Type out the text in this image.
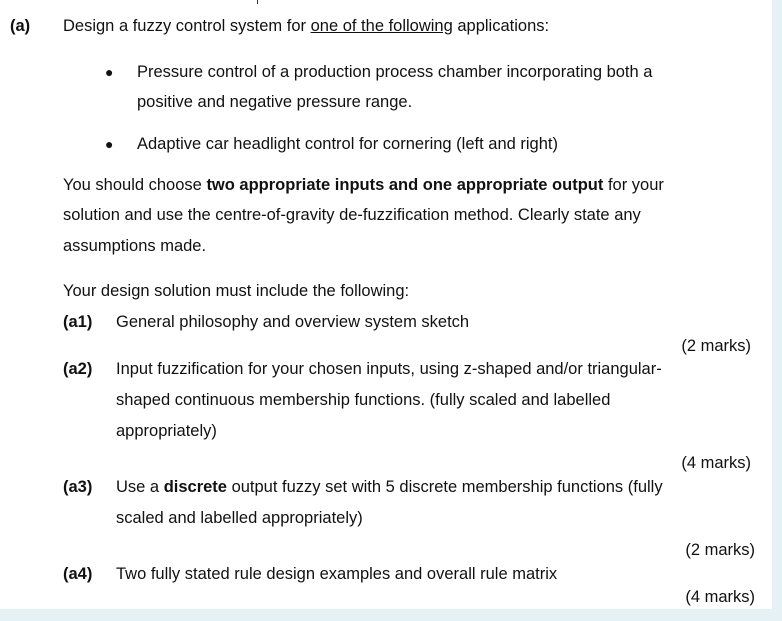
(a) Design a fuzzy control system for one of the following applications:
● Pressure control of a production process chamber incorporating both a
positive and negative pressure range.
● Adaptive car headlight control for cornering (left and right)
You should choose two appropriate inputs and one appropriate output for your
solution and use the centre-of-gravity de-fuzzification method. Clearly state any
assumptions made.
Your design solution must include the following:
(a1) General philosophy and overview system sketch
(2 marks)
(a2) Input fuzzification for your chosen inputs, using z-shaped and/or triangular-
shaped continuous membership functions. (fully scaled and labelled
appropriately)
(4 marks)
(a3) Use a discrete output fuzzy set with 5 discrete membership functions (fully
scaled and labelled appropriately)
(2 marks)
(a4) Two fully stated rule design examples and overall rule matrix
(4 marks)
